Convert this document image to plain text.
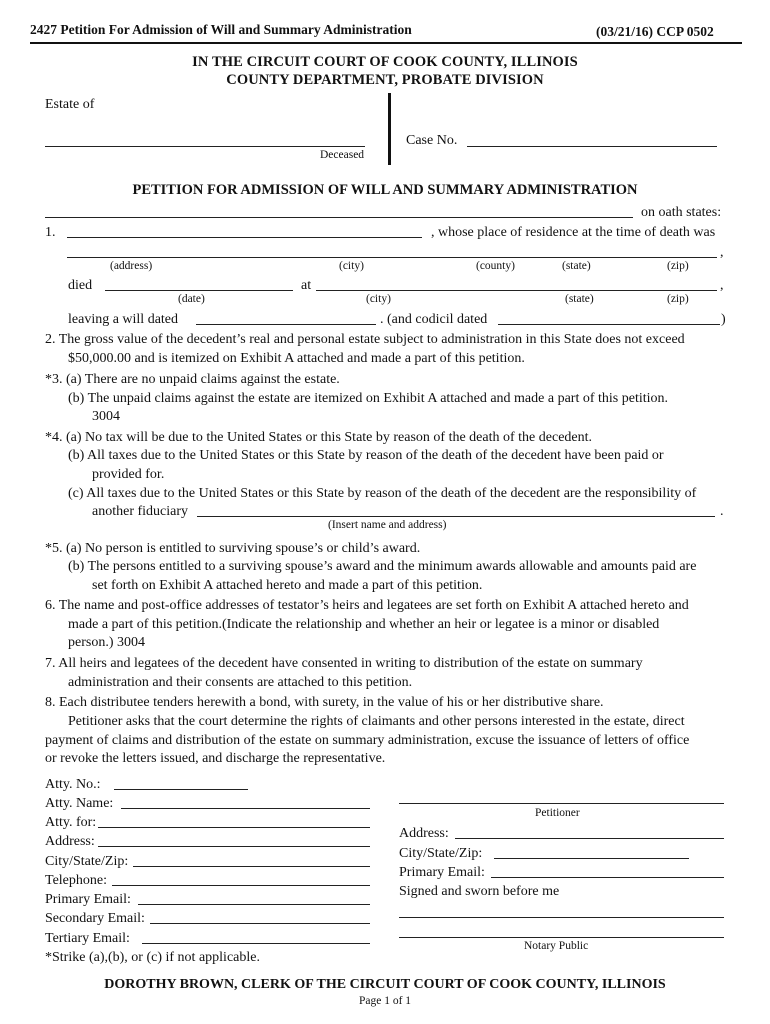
2427 Petition For Admission of Will and Summary Administration	(03/21/16) CCP 0502
IN THE CIRCUIT COURT OF COOK COUNTY, ILLINOIS
COUNTY DEPARTMENT, PROBATE DIVISION
Estate of
Deceased
Case No.
PETITION FOR ADMISSION OF WILL AND SUMMARY ADMINISTRATION
on oath states:
1.	, whose place of residence at the time of death was
,
(address)	(city)	(county)	(state)	(zip)
died	at	,
(date)	(city)	(state)	(zip)
leaving a will dated	. (and codicil dated	)
2. The gross value of the decedent’s real and personal estate subject to administration in this State does not exceed
$50,000.00 and is itemized on Exhibit A attached and made a part of this petition.
*3. (a) There are no unpaid claims against the estate.
(b) The unpaid claims against the estate are itemized on Exhibit A attached and made a part of this petition.
3004
*4. (a) No tax will be due to the United States or this State by reason of the death of the decedent.
(b) All taxes due to the United States or this State by reason of the death of the decedent have been paid or
provided for.
(c) All taxes due to the United States or this State by reason of the death of the decedent are the responsibility of
another fiduciary	.
(Insert name and address)
*5. (a) No person is entitled to surviving spouse’s or child’s award.
(b) The persons entitled to a surviving spouse’s award and the minimum awards allowable and amounts paid are
set forth on Exhibit A attached hereto and made a part of this petition.
6. The name and post-office addresses of testator’s heirs and legatees are set forth on Exhibit A attached hereto and
made a part of this petition.(Indicate the relationship and whether an heir or legatee is a minor or disabled
person.) 3004
7. All heirs and legatees of the decedent have consented in writing to distribution of the estate on summary
administration and their consents are attached to this petition.
8. Each distributee tenders herewith a bond, with surety, in the value of his or her distributive share.
Petitioner asks that the court determine the rights of claimants and other persons interested in the estate, direct
payment of claims and distribution of the estate on summary administration, excuse the issuance of letters of office
or revoke the letters issued, and discharge the representative.
Atty. No.:
Atty. Name:
Atty. for:
Address:
City/State/Zip:
Telephone:
Primary Email:
Secondary Email:
Tertiary Email:
*Strike (a),(b), or (c) if not applicable.
Petitioner
Address:
City/State/Zip:
Primary Email:
Signed and sworn before me
Notary Public
DOROTHY BROWN, CLERK OF THE CIRCUIT COURT OF COOK COUNTY, ILLINOIS
Page 1 of 1
